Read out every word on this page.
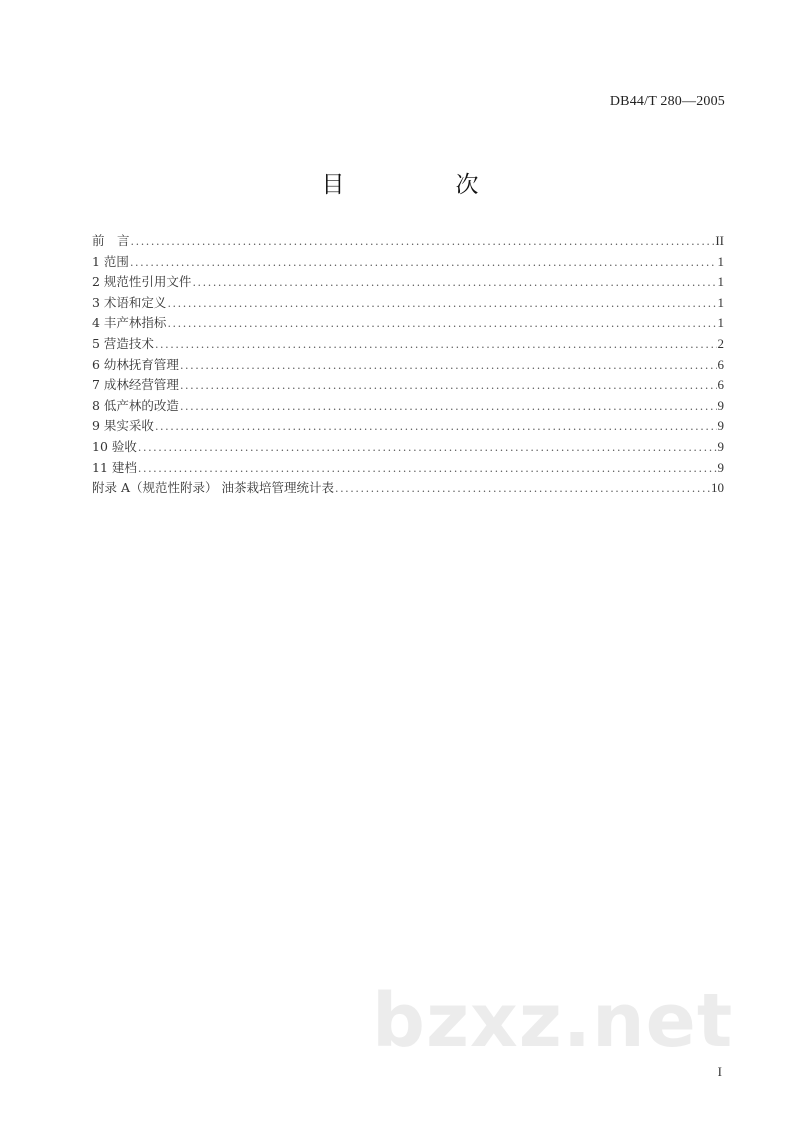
DB44/T 280—2005
目　次
前　言 .....	II
1 范围 .....	1
2 规范性引用文件 .....	1
3 术语和定义 .....	1
4 丰产林指标 .....	1
5 营造技术 .....	2
6 幼林抚育管理 .....	6
7 成林经营管理 .....	6
8 低产林的改造 .....	9
9 果实采收 .....	9
10 验收 .....	9
11 建档 .....	9
附录 A（规范性附录） 油茶栽培管理统计表 .....	10
bzxz.net
I
